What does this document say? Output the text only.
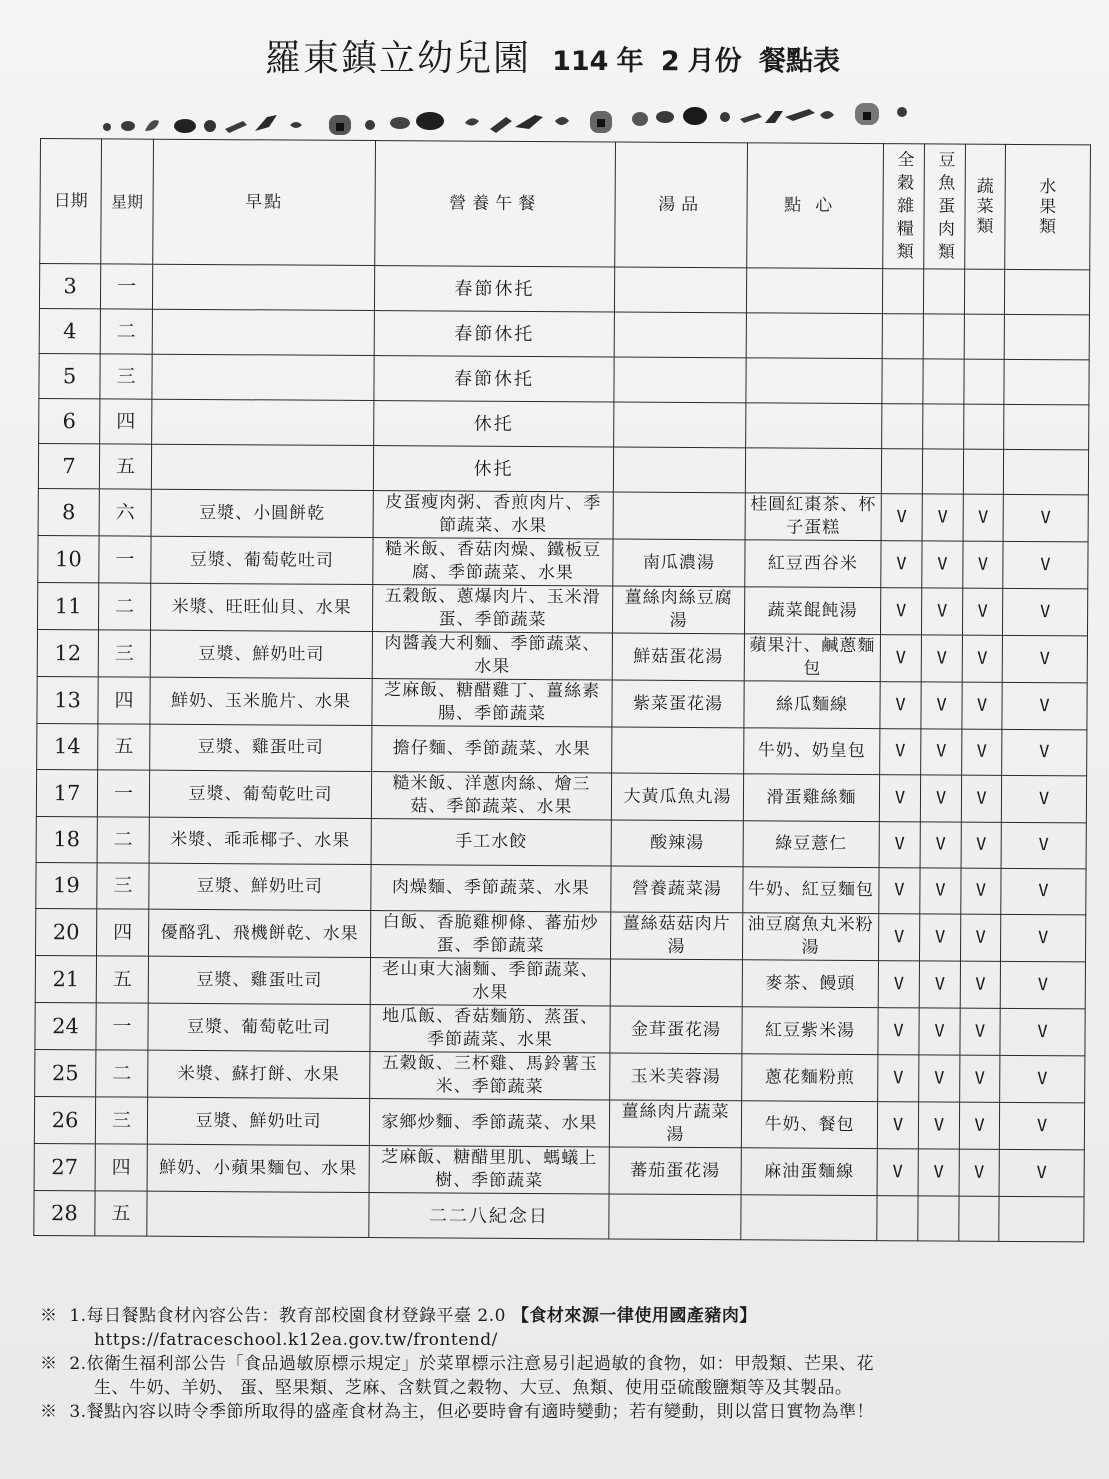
羅東鎮立幼兒園 114 年 2 月份 餐點表
日期	星期	早點	營養午餐	湯品	點心	全穀雜糧類	豆魚蛋肉類	蔬菜類	水果類
3	一		春節休托						
4	二		春節休托						
5	三		春節休托						
6	四		休托						
7	五		休托						
8	六	豆漿、小圓餅乾	皮蛋瘦肉粥、香煎肉片、季節蔬菜、水果		桂圓紅棗茶、杯子蛋糕	V	V	V	V
10	一	豆漿、葡萄乾吐司	糙米飯、香菇肉燥、鐵板豆腐、季節蔬菜、水果	南瓜濃湯	紅豆西谷米	V	V	V	V
11	二	米漿、旺旺仙貝、水果	五穀飯、蔥爆肉片、玉米滑蛋、季節蔬菜	薑絲肉絲豆腐湯	蔬菜餛飩湯	V	V	V	V
12	三	豆漿、鮮奶吐司	肉醬義大利麵、季節蔬菜、水果	鮮菇蛋花湯	蘋果汁、鹹蔥麵包	V	V	V	V
13	四	鮮奶、玉米脆片、水果	芝麻飯、糖醋雞丁、薑絲素腸、季節蔬菜	紫菜蛋花湯	絲瓜麵線	V	V	V	V
14	五	豆漿、雞蛋吐司	擔仔麵、季節蔬菜、水果		牛奶、奶皇包	V	V	V	V
17	一	豆漿、葡萄乾吐司	糙米飯、洋蔥肉絲、燴三菇、季節蔬菜、水果	大黃瓜魚丸湯	滑蛋雞絲麵	V	V	V	V
18	二	米漿、乖乖椰子、水果	手工水餃	酸辣湯	綠豆薏仁	V	V	V	V
19	三	豆漿、鮮奶吐司	肉燥麵、季節蔬菜、水果	營養蔬菜湯	牛奶、紅豆麵包	V	V	V	V
20	四	優酪乳、飛機餅乾、水果	白飯、香脆雞柳條、蕃茄炒蛋、季節蔬菜	薑絲菇菇肉片湯	油豆腐魚丸米粉湯	V	V	V	V
21	五	豆漿、雞蛋吐司	老山東大滷麵、季節蔬菜、水果		麥茶、饅頭	V	V	V	V
24	一	豆漿、葡萄乾吐司	地瓜飯、香菇麵筋、蒸蛋、季節蔬菜、水果	金茸蛋花湯	紅豆紫米湯	V	V	V	V
25	二	米漿、蘇打餅、水果	五穀飯、三杯雞、馬鈴薯玉米、季節蔬菜	玉米芙蓉湯	蔥花麵粉煎	V	V	V	V
26	三	豆漿、鮮奶吐司	家鄉炒麵、季節蔬菜、水果	薑絲肉片蔬菜湯	牛奶、餐包	V	V	V	V
27	四	鮮奶、小蘋果麵包、水果	芝麻飯、糖醋里肌、螞蟻上樹、季節蔬菜	蕃茄蛋花湯	麻油蛋麵線	V	V	V	V
28	五		二二八紀念日						
※ 1.每日餐點食材內容公告：教育部校園食材登錄平臺 2.0 【食材來源一律使用國產豬肉】
https://fatraceschool.k12ea.gov.tw/frontend/
※ 2.依衛生福利部公告「食品過敏原標示規定」於菜單標示注意易引起過敏的食物，如：甲殼類、芒果、花
生、牛奶、羊奶、 蛋、堅果類、芝麻、含麩質之穀物、大豆、魚類、使用亞硫酸鹽類等及其製品。
※ 3.餐點內容以時令季節所取得的盛產食材為主，但必要時會有適時變動；若有變動，則以當日實物為準！
